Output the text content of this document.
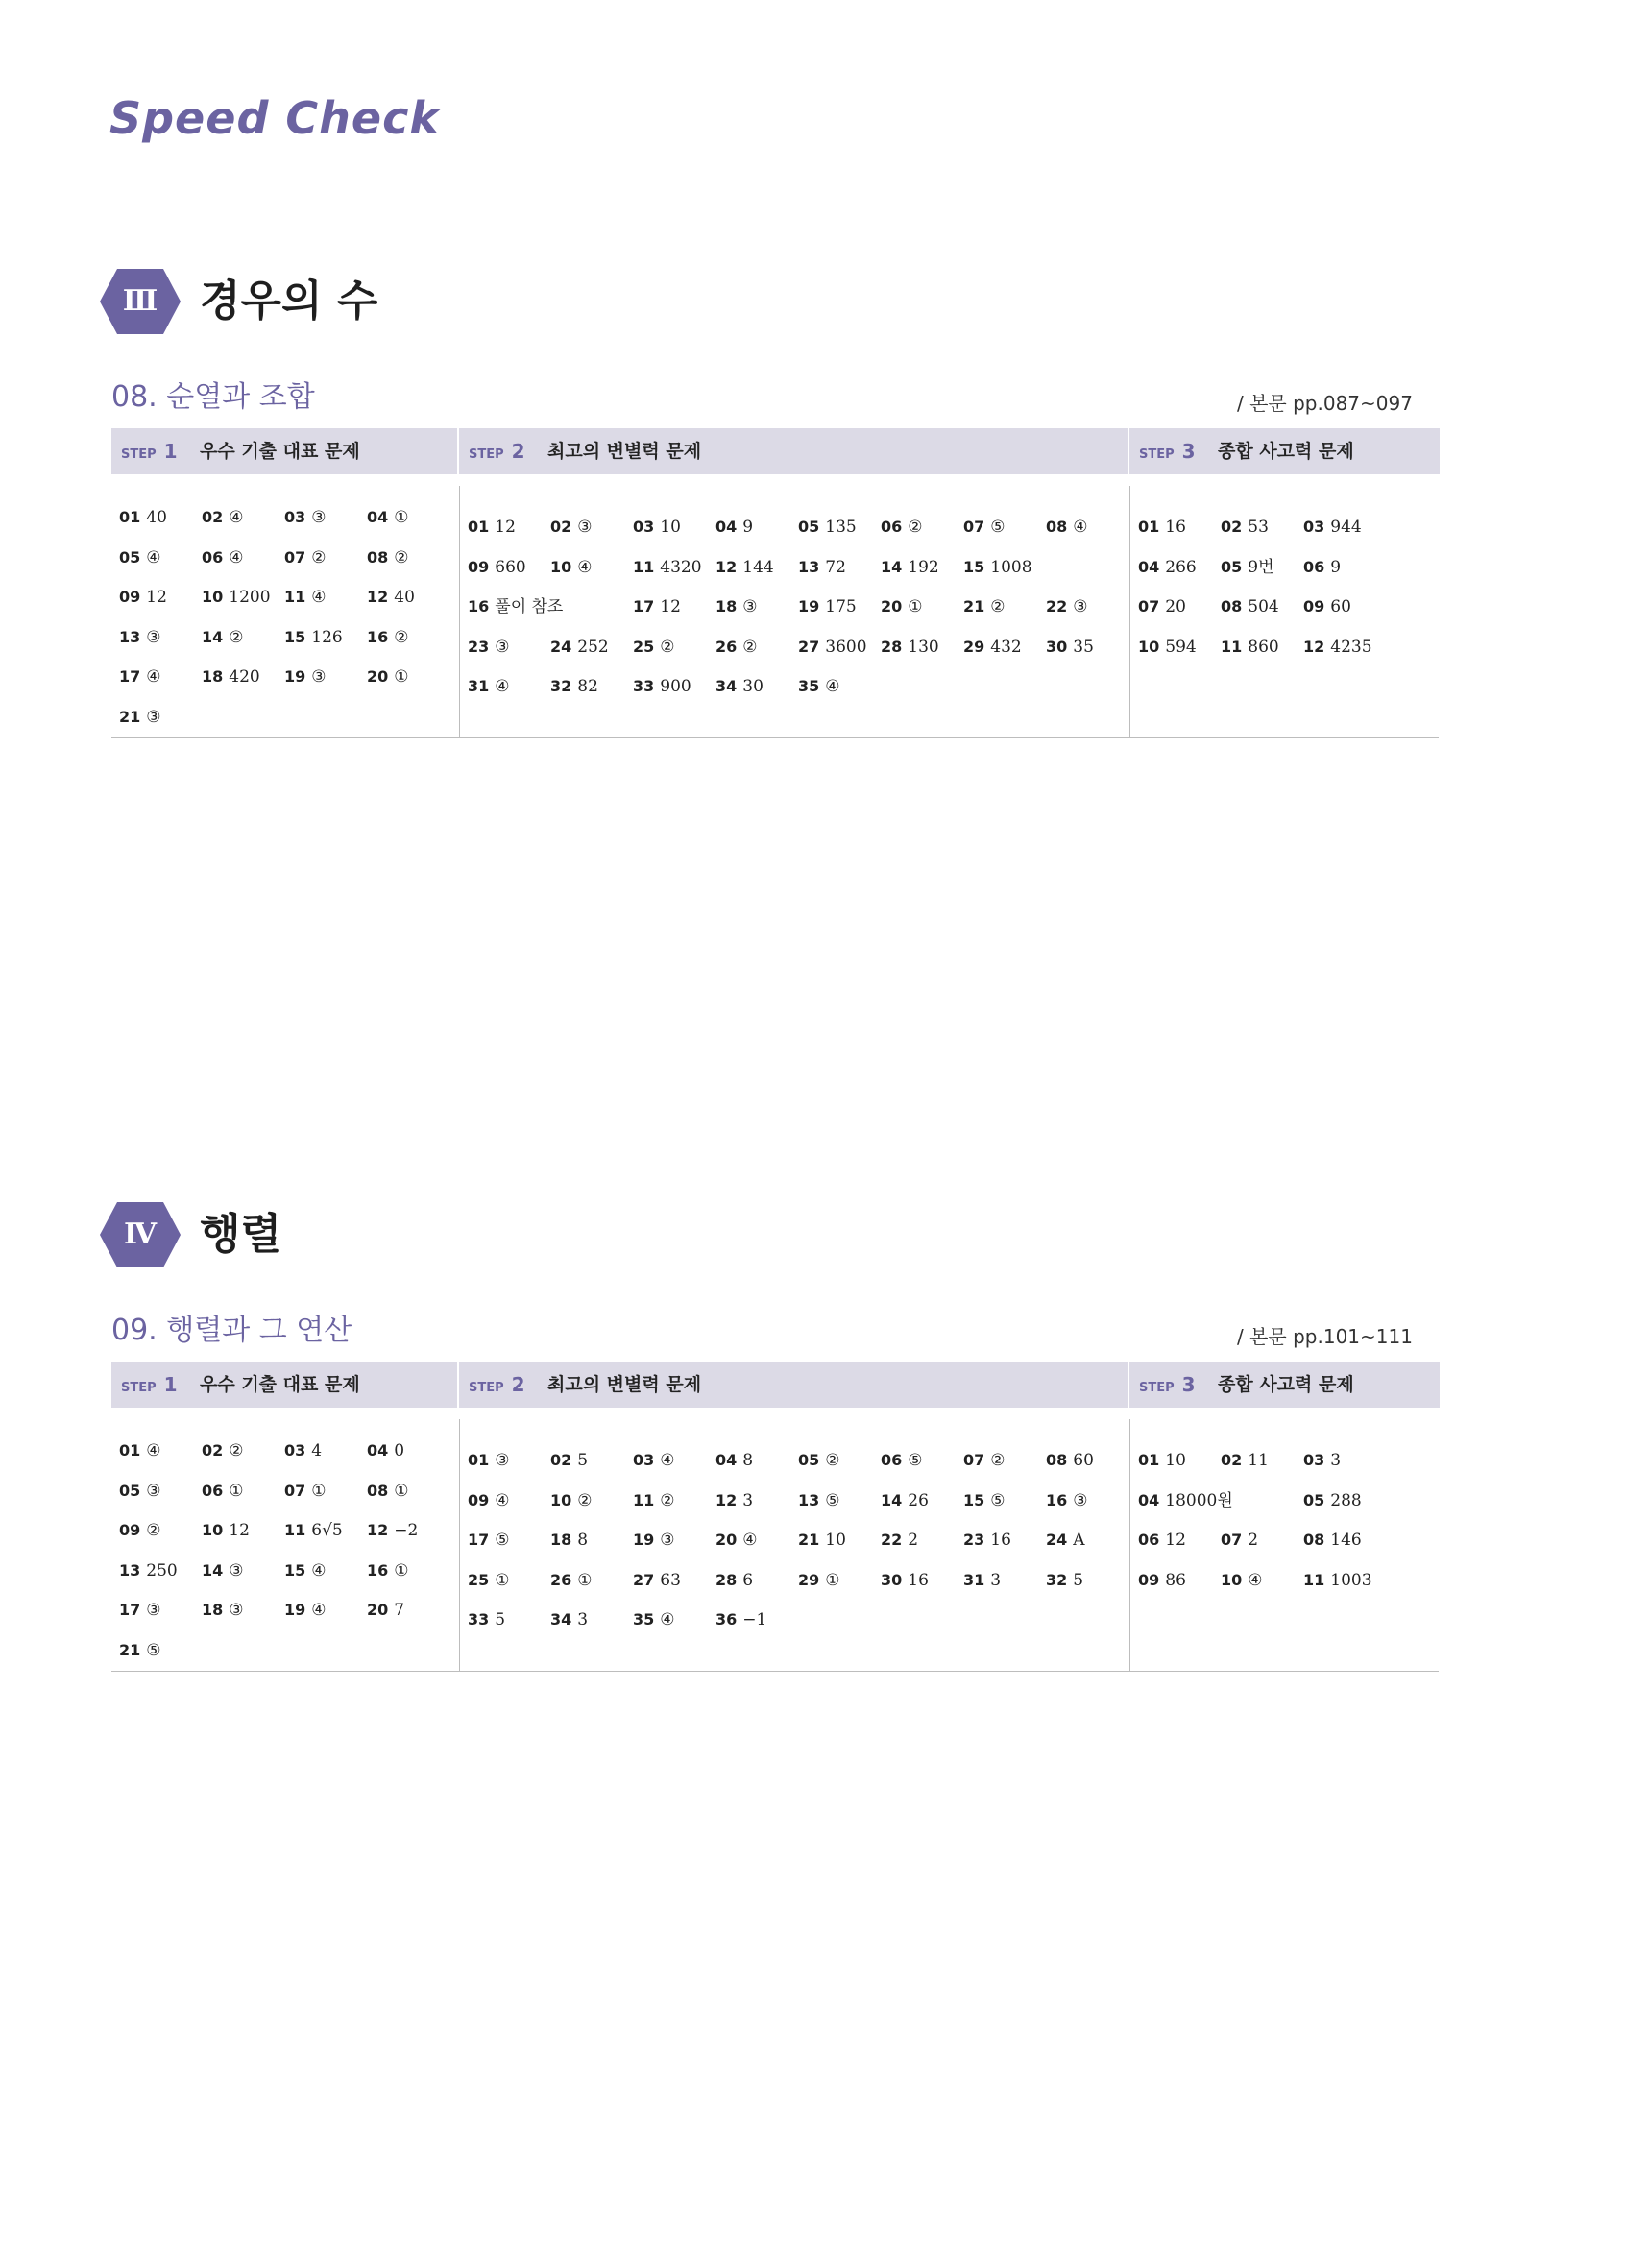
Speed Check
Ⅲ 경우의 수
08. 순열과 조합	/ 본문 pp.087~097
STEP 1 우수 기출 대표 문제
01 40 02 ④	03 ③	04 ①
05 ④	06 ④	07 ②	08 ②
09 12 10 1200 11 ④	12 40
13 ③	14 ②	15 126 16 ②
17 ④	18 420 19 ③	20 ①
21 ③
STEP 2 최고의 변별력 문제
01 12 02 ③	03 10 04 9	05 135 06 ②	07 ⑤	08 ④
09 660 10 ④	11 4320 12 144 13 72 14 192 15 1008
16 풀이 참조	17 12 18 ③	19 175 20 ①	21 ②	22 ③
23 ③	24 252 25 ②	26 ②	27 3600 28 130 29 432 30 35
31 ④	32 82 33 900 34 30 35 ④
STEP 3 종합 사고력 문제
01 16 02 53 03 944
04 266 05 9번 06 9
07 20 08 504 09 60
10 594 11 860 12 4235
Ⅳ	행렬
09. 행렬과 그 연산	/ 본문 pp.101~111
STEP 1 우수 기출 대표 문제
01 ④	02 ②	03 4	04 0
05 ③	06 ①	07 ①	08 ①
09 ②	10 12 11 6√5 12 −2
13 250 14 ③	15 ④	16 ①
17 ③	18 ③	19 ④	20 7
21 ⑤
STEP 2 최고의 변별력 문제
01 ③	02 5	03 ④	04 8	05 ②	06 ⑤	07 ②	08 60
09 ④	10 ②	11 ②	12 3	13 ⑤	14 26 15 ⑤	16 ③
17 ⑤	18 8	19 ③	20 ④	21 10 22 2	23 16 24 A
25 ①	26 ①	27 63 28 6	29 ①	30 16 31 3	32 5
33 5	34 3	35 ④	36 −1
STEP 3 종합 사고력 문제
01 10 02 11 03 3
04 18000원	05 288
06 12 07 2	08 146
09 86 10 ④	11 1003
